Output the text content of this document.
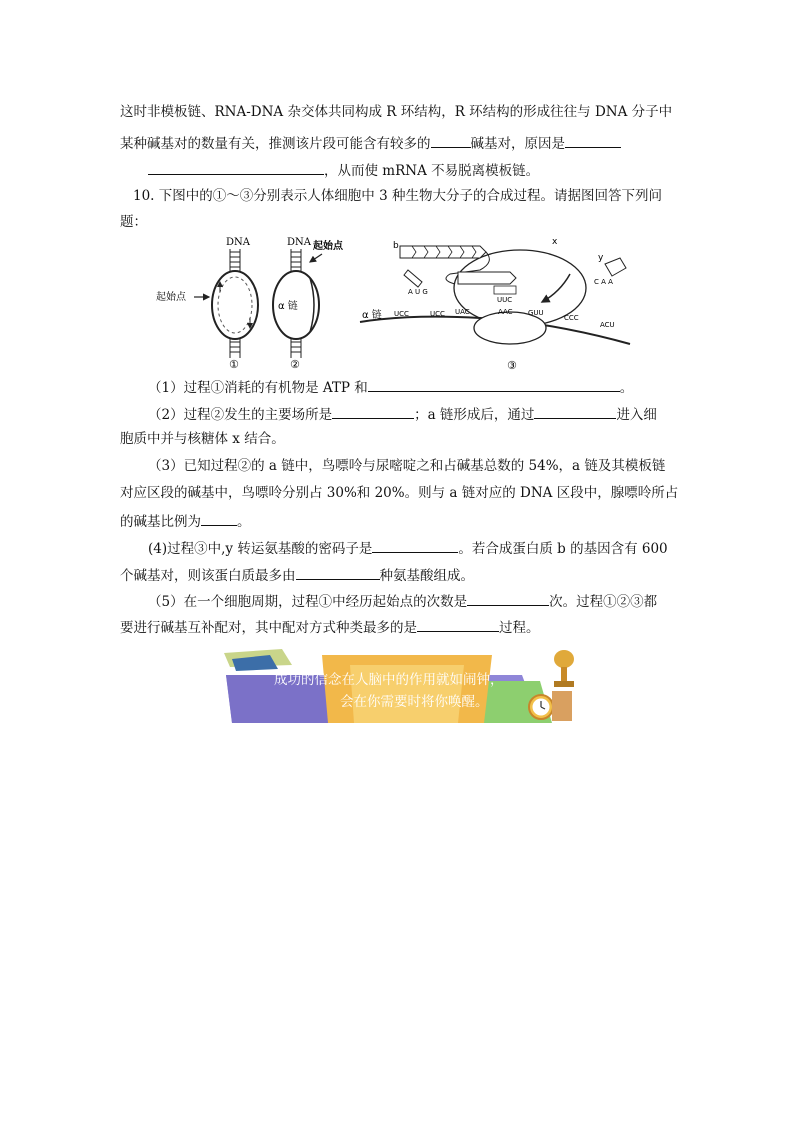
这时非模板链、RNA-DNA 杂交体共同构成 R 环结构，R 环结构的形成往往与 DNA 分子中
某种碱基对的数量有关，推测该片段可能含有较多的	碱基对，原因是
，从而使 mRNA 不易脱离模板链。
10. 下图中的①～③分别表示人体细胞中 3 种生物大分子的合成过程。请据图回答下列问
题：
DNA
起始点
①
DNA 起始点
α 链
②
α 链
b	x
y
A U G
C A A
UUC
UCC	UCC UAC	AAC GUU
CCC
ACU
③
（1）过程①消耗的有机物是 ATP 和	。
（2）过程②发生的主要场所是	；a 链形成后，通过	进入细
胞质中并与核糖体 x 结合。
（3）已知过程②的 a 链中，鸟嘌呤与尿嘧啶之和占碱基总数的 54%，a 链及其模板链
对应区段的碱基中，鸟嘌呤分别占 30%和 20%。则与 a 链对应的 DNA 区段中，腺嘌呤所占
的碱基比例为	。
(4)过程③中,y 转运氨基酸的密码子是	。若合成蛋白质 b 的基因含有 600
个碱基对，则该蛋白质最多由	种氨基酸组成。
（5）在一个细胞周期，过程①中经历起始点的次数是	次。过程①②③都
要进行碱基互补配对，其中配对方式种类最多的是	过程。
成功的信念在人脑中的作用就如闹钟，
会在你需要时将你唤醒。
